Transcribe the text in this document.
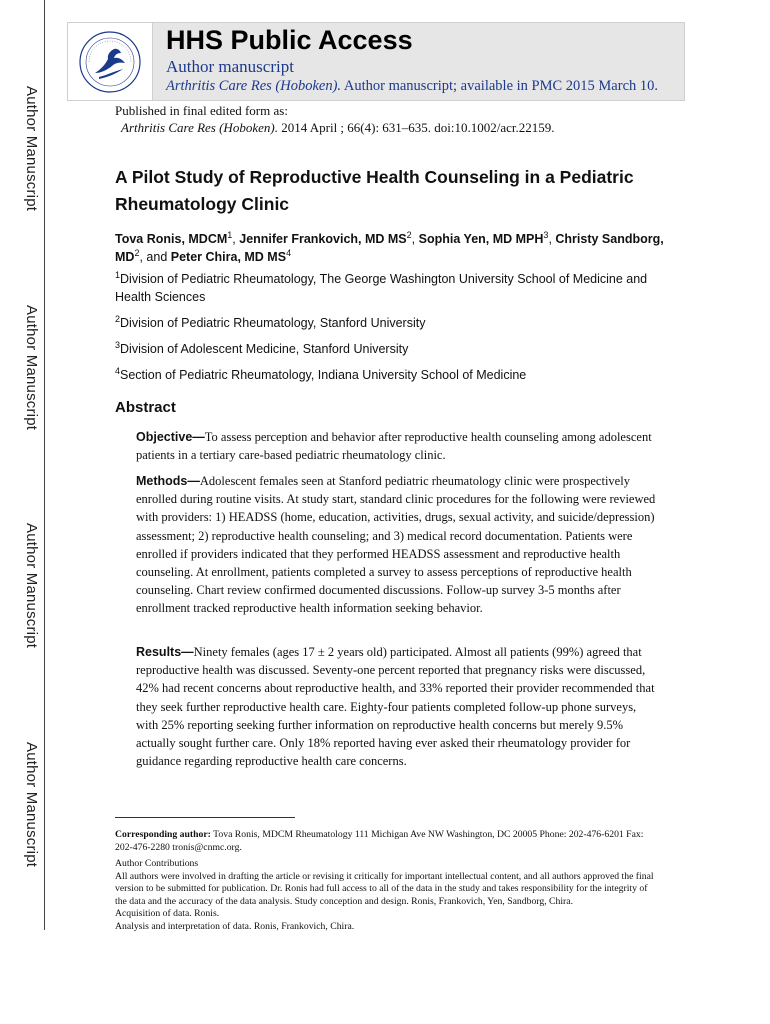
Author Manuscript
Author Manuscript
Author Manuscript
Author Manuscript
HHS Public Access
Author manuscript
Arthritis Care Res (Hoboken). Author manuscript; available in PMC 2015 March 10.
Published in final edited form as:
Arthritis Care Res (Hoboken). 2014 April ; 66(4): 631–635. doi:10.1002/acr.22159.
A Pilot Study of Reproductive Health Counseling in a Pediatric Rheumatology Clinic
Tova Ronis, MDCM$^1$, Jennifer Frankovich, MD $MS^2$, Sophia Yen, MD MPH$^3$, Christy Sandborg, $MD^2$, and Peter Chira, MD $MS^4$
$^1$Division of Pediatric Rheumatology, The George Washington University School of Medicine and Health Sciences
$^2$Division of Pediatric Rheumatology, Stanford University
$^3$Division of Adolescent Medicine, Stanford University
$^4$Section of Pediatric Rheumatology, Indiana University School of Medicine
Abstract
Objective—To assess perception and behavior after reproductive health counseling among adolescent patients in a tertiary care-based pediatric rheumatology clinic.
Methods—Adolescent females seen at Stanford pediatric rheumatology clinic were prospectively enrolled during routine visits. At study start, standard clinic procedures for the following were reviewed with providers: 1) HEADSS (home, education, activities, drugs, sexual activity, and suicide/depression) assessment; 2) reproductive health counseling; and 3) medical record documentation. Patients were enrolled if providers indicated that they performed HEADSS assessment and reproductive health counseling. At enrollment, patients completed a survey to assess perceptions of reproductive health counseling. Chart review confirmed documented discussions. Follow-up survey 3-5 months after enrollment tracked reproductive health information seeking behavior.
Results—Ninety females (ages 17 ± 2 years old) participated. Almost all patients (99%) agreed that reproductive health was discussed. Seventy-one percent reported that pregnancy risks were discussed, 42% had recent concerns about reproductive health, and 33% reported their provider recommended that they seek further reproductive health care. Eighty-four patients completed follow-up phone surveys, with 25% reporting seeking further information on reproductive health concerns but merely 9.5% actually sought further care. Only 18% reported having ever asked their rheumatology provider for guidance regarding reproductive health care concerns.
Corresponding author: Tova Ronis, MDCM Rheumatology 111 Michigan Ave NW Washington, DC 20005 Phone: 202-476-6201 Fax: 202-476-2280 tronis@cnmc.org.
Author Contributions
All authors were involved in drafting the article or revising it critically for important intellectual content, and all authors approved the final version to be submitted for publication. Dr. Ronis had full access to all of the data in the study and takes responsibility for the integrity of the data and the accuracy of the data analysis. Study conception and design. Ronis, Frankovich, Yen, Sandborg, Chira.
Acquisition of data. Ronis.
Analysis and interpretation of data. Ronis, Frankovich, Chira.
